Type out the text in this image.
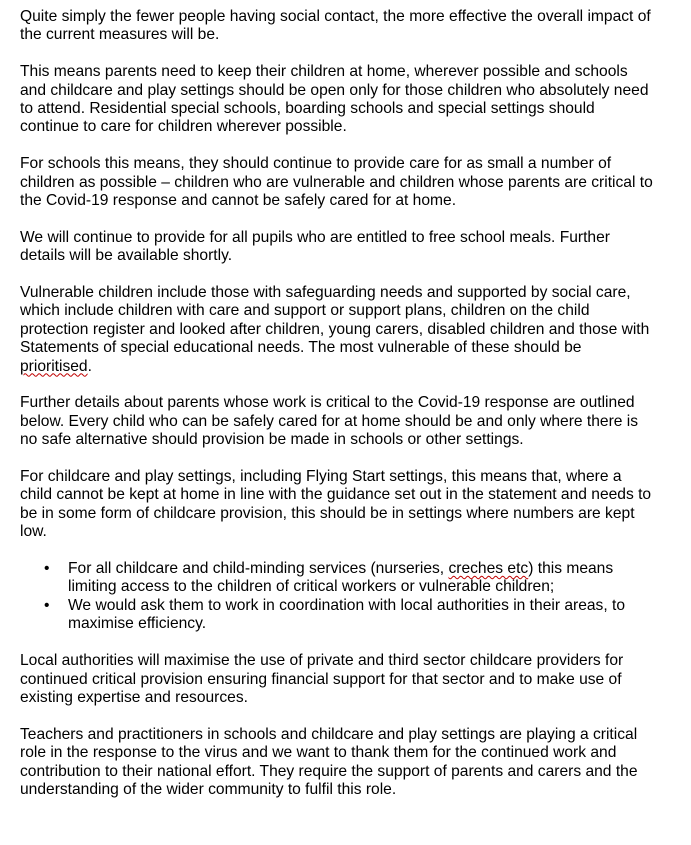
Quite simply the fewer people having social contact, the more effective the overall impact of
the current measures will be.

This means parents need to keep their children at home, wherever possible and schools
and childcare and play settings should be open only for those children who absolutely need
to attend. Residential special schools, boarding schools and special settings should
continue to care for children wherever possible.

For schools this means, they should continue to provide care for as small a number of
children as possible – children who are vulnerable and children whose parents are critical to
the Covid-19 response and cannot be safely cared for at home.

We will continue to provide for all pupils who are entitled to free school meals. Further
details will be available shortly.

Vulnerable children include those with safeguarding needs and supported by social care,
which include children with care and support or support plans, children on the child
protection register and looked after children, young carers, disabled children and those with
Statements of special educational needs. The most vulnerable of these should be
prioritised.

Further details about parents whose work is critical to the Covid-19 response are outlined
below. Every child who can be safely cared for at home should be and only where there is
no safe alternative should provision be made in schools or other settings.

For childcare and play settings, including Flying Start settings, this means that, where a
child cannot be kept at home in line with the guidance set out in the statement and needs to
be in some form of childcare provision, this should be in settings where numbers are kept
low.

• For all childcare and child-minding services (nurseries, creches etc) this means
limiting access to the children of critical workers or vulnerable children;
• We would ask them to work in coordination with local authorities in their areas, to
maximise efficiency.

Local authorities will maximise the use of private and third sector childcare providers for
continued critical provision ensuring financial support for that sector and to make use of
existing expertise and resources.

Teachers and practitioners in schools and childcare and play settings are playing a critical
role in the response to the virus and we want to thank them for the continued work and
contribution to their national effort. They require the support of parents and carers and the
understanding of the wider community to fulfil this role.
